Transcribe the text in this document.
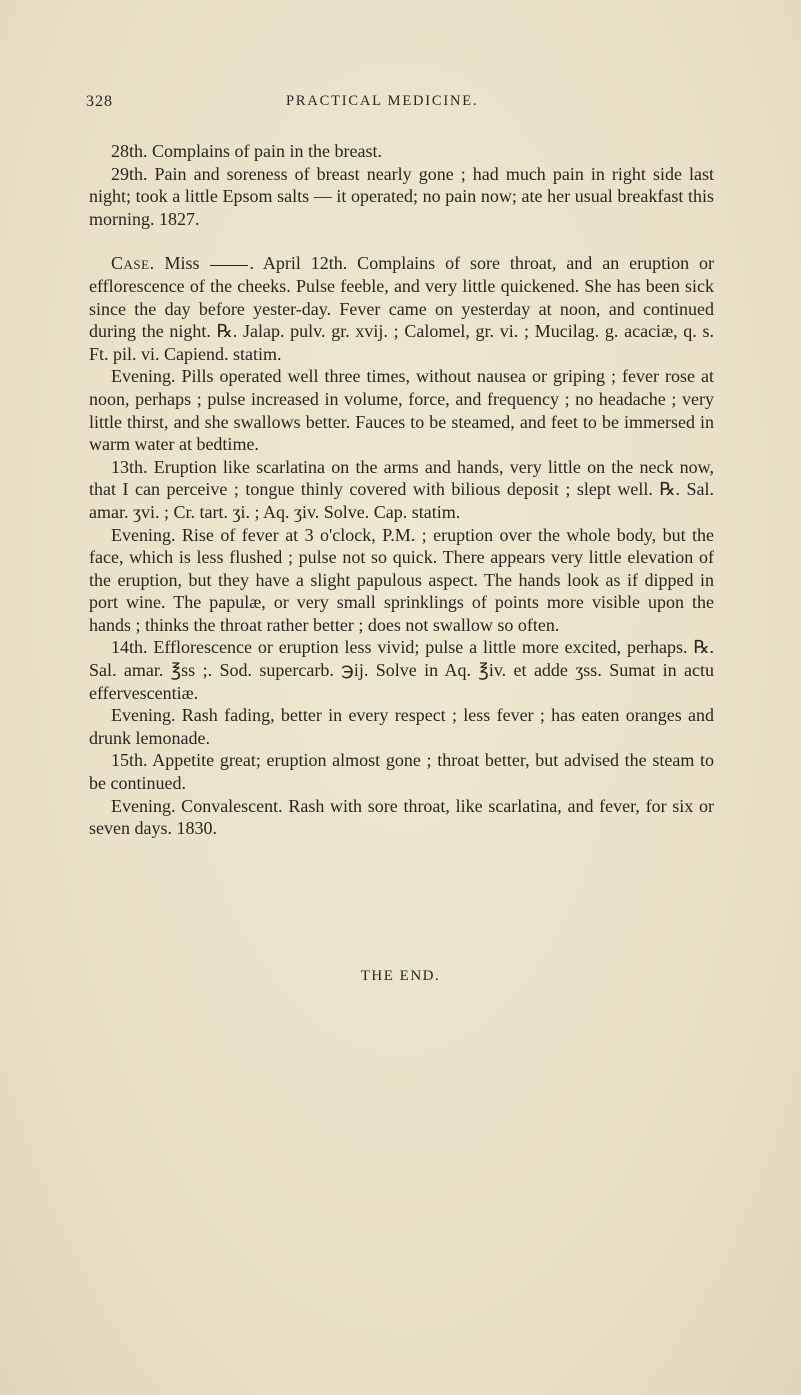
328	PRACTICAL MEDICINE.

28th. Complains of pain in the breast.

29th. Pain and soreness of breast nearly gone ; had much pain in right side last night; took a little Epsom salts — it operated; no pain now; ate her usual breakfast this morning. 1827.

Case. Miss	. April 12th. Complains of sore throat, and an eruption or efflorescence of the cheeks. Pulse feeble, and very little quickened. She has been sick since the day before yester-day. Fever came on yesterday at noon, and continued during the night. ℞. Jalap. pulv. gr. xvij. ; Calomel, gr. vi. ; Mucilag. g. acaciæ, q. s. Ft. pil. vi. Capiend. statim.

Evening. Pills operated well three times, without nausea or griping ; fever rose at noon, perhaps ; pulse increased in volume, force, and frequency ; no headache ; very little thirst, and she swallows better. Fauces to be steamed, and feet to be immersed in warm water at bedtime.

13th. Eruption like scarlatina on the arms and hands, very little on the neck now, that I can perceive ; tongue thinly covered with bilious deposit ; slept well. ℞. Sal. amar. ʒvi. ; Cr. tart. ʒi. ; Aq. ʒiv. Solve. Cap. statim.

Evening. Rise of fever at 3 o'clock, P.M. ; eruption over the whole body, but the face, which is less flushed ; pulse not so quick. There appears very little elevation of the eruption, but they have a slight papulous aspect. The hands look as if dipped in port wine. The papulæ, or very small sprinklings of points more visible upon the hands ; thinks the throat rather better ; does not swallow so often.

14th. Efflorescence or eruption less vivid; pulse a little more excited, perhaps. ℞. Sal. amar. ℥ss ;. Sod. supercarb. ℈ij. Solve in Aq. ℥iv. et adde ʒss. Sumat in actu effervescentiæ.

Evening. Rash fading, better in every respect ; less fever ; has eaten oranges and drunk lemonade.

15th. Appetite great; eruption almost gone ; throat better, but advised the steam to be continued.

Evening. Convalescent. Rash with sore throat, like scarlatina, and fever, for six or seven days. 1830.

THE END.
